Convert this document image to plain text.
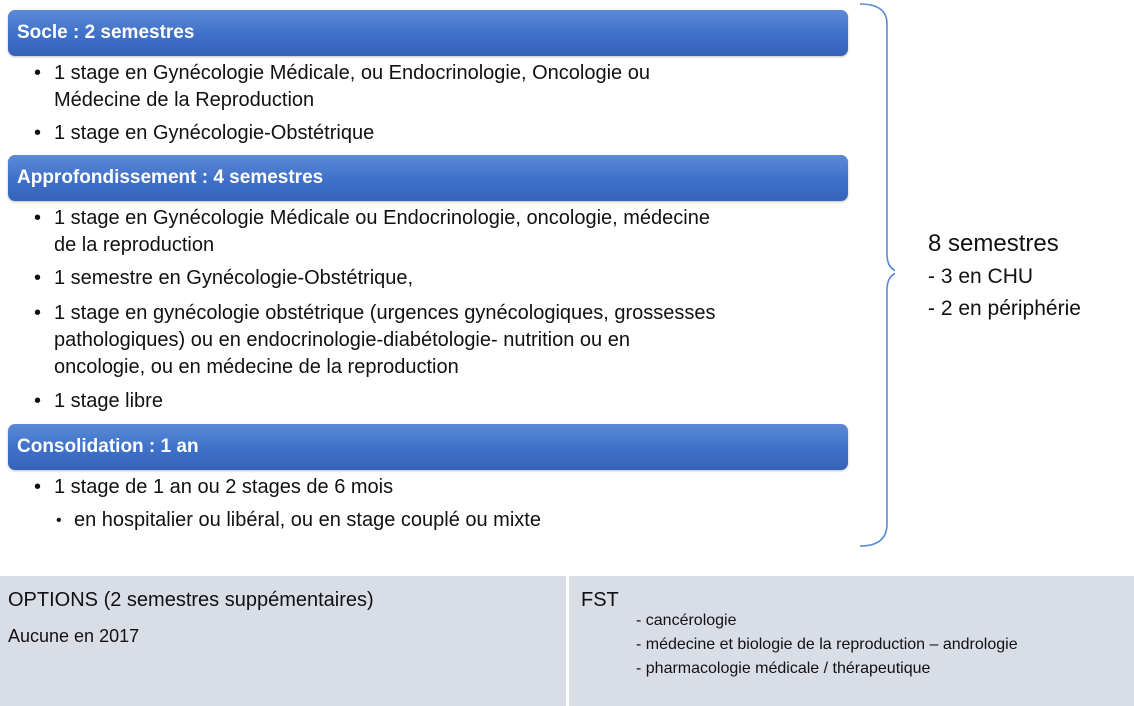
Socle : 2 semestres
• 1 stage en Gynécologie Médicale, ou Endocrinologie, Oncologie ou
Médecine de la Reproduction
• 1 stage en Gynécologie-Obstétrique
Approfondissement : 4 semestres
• 1 stage en Gynécologie Médicale ou Endocrinologie, oncologie, médecine
de la reproduction
• 1 semestre en Gynécologie-Obstétrique,
• 1 stage en gynécologie obstétrique (urgences gynécologiques, grossesses
pathologiques) ou en endocrinologie-diabétologie- nutrition ou en
oncologie, ou en médecine de la reproduction
• 1 stage libre
Consolidation : 1 an
• 1 stage de 1 an ou 2 stages de 6 mois
• en hospitalier ou libéral, ou en stage couplé ou mixte
8 semestres
- 3 en CHU
- 2 en périphérie
OPTIONS (2 semestres suppémentaires)
Aucune en 2017
FST
- cancérologie
- médecine et biologie de la reproduction – andrologie
- pharmacologie médicale / thérapeutique
